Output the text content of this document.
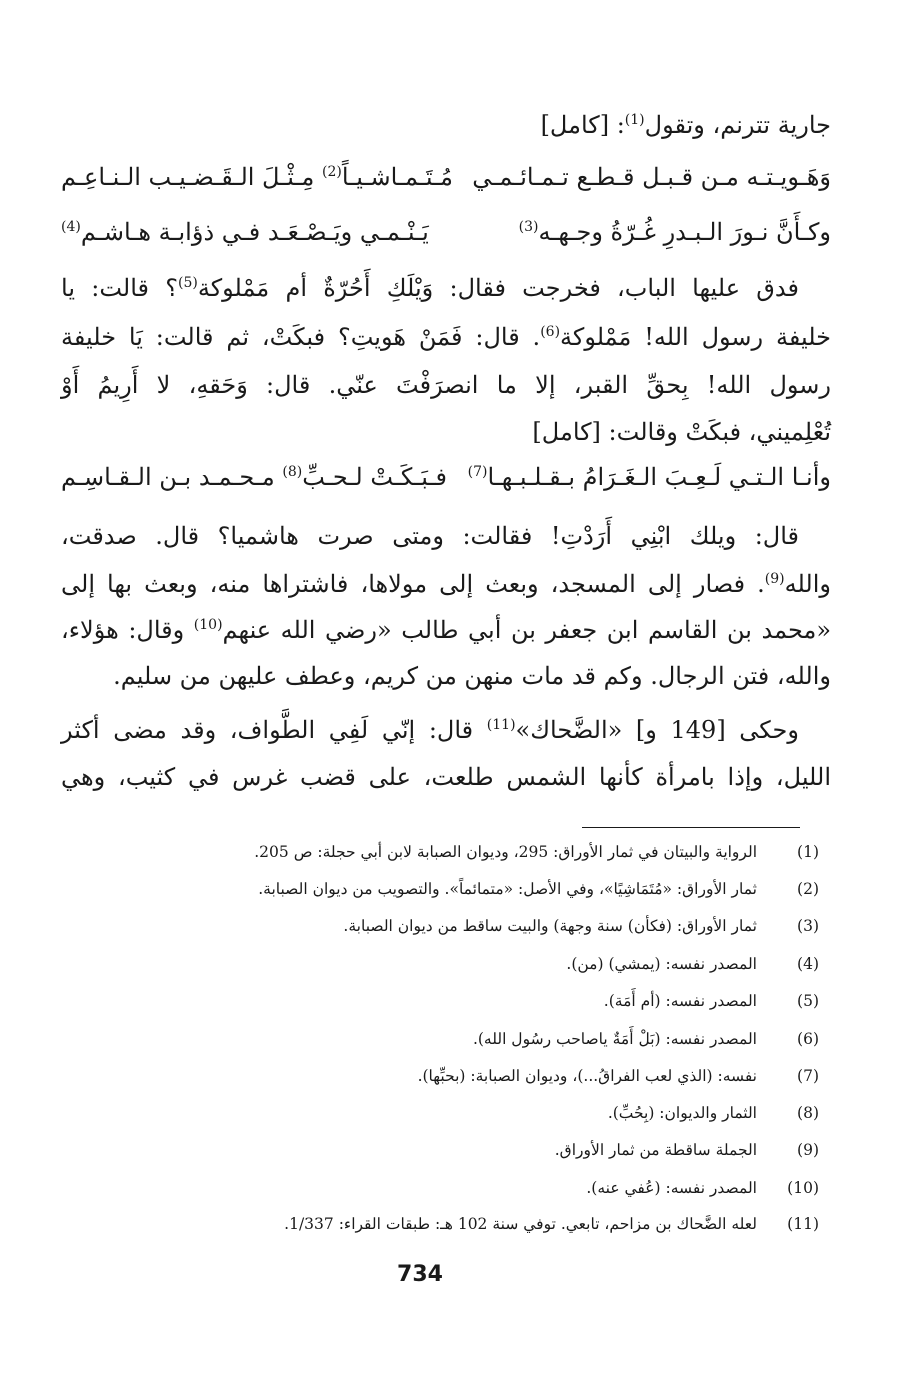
جارية تترنم، وتقول$^{(1)}$: [كامل]
وَهَـويـتـه مـن قـبـل قـطـع تـمـائـمـي
مُـتَـمـاشـيـاً$^{(2)}$ مِـثْـلَ الـقَـضـيـب الـنـاعِـم
وكـأَنَّ نـورَ الـبـدرِ غُـرّةُ وجـهـه$^{(3)}$
يَـنْـمـي ويَـصْـعَـد فـي ذؤابـة هـاشـم$^{(4)}$
فدق عليها الباب، فخرجت فقال: وَيْلَكِ أَحُرّةٌ أم مَمْلوكة$^{(5)}$؟ قالت: يا
خليفة رسول الله! مَمْلوكة$^{(6)}$. قال: فَمَنْ هَويتِ؟ فبكَتْ، ثم قالت: يَا خليفة
رسول الله! بِحقِّ القبر، إلا ما انصرَفْتَ عنّي. قال: وَحَقهِ، لا أَرِيمُ أَوْ
تُعْلِميني، فبكَتْ وقالت: [كامل]
وأنـا الـتـي لَـعِـبَ الـغَـرَامُ بـقـلـبـهـا$^{(7)}$
فـبَـكَـتْ لـحـبِّ$^{(8)}$ مـحـمـد بـن الـقـاسِـم
قال: ويلك ابْنِي أَرَدْتِ! فقالت: ومتى صرت هاشميا؟ قال. صدقت،
والله$^{(9)}$. فصار إلى المسجد، وبعث إلى مولاها، فاشتراها منه، وبعث بها إلى
«محمد بن القاسم ابن جعفر بن أبي طالب «رضي الله عنهم$^{(10)}$ وقال: هؤلاء،
والله، فتن الرجال. وكم قد مات منهن من كريم، وعطف عليهن من سليم.
وحكى [149 و] «الضَّحاك»$^{(11)}$ قال: إنّي لَفِي الطَّواف، وقد مضى أكثر
الليل، وإذا بامرأة كأنها الشمس طلعت، على قضب غرس في كثيب، وهي
(1)
الرواية والبيتان في ثمار الأوراق: 295، وديوان الصبابة لابن أبي حجلة: ص 205.
(2)
ثمار الأوراق: «مُتَمَاشِيًا»، وفي الأصل: «متمائماً». والتصويب من ديوان الصبابة.
(3)
ثمار الأوراق: (فكأن) سنة وجهة) والبيت ساقط من ديوان الصبابة.
(4)
المصدر نفسه: (يمشي) (من).
(5)
المصدر نفسه: (أم أَمَة).
(6)
المصدر نفسه: (بَلْ أَمَةٌ ياصاحب رسُول الله).
(7)
نفسه: (الذي لعب الفراقُ...)، وديوان الصبابة: (بحبِّها).
(8)
الثمار والديوان: (بِحُبِّ).
(9)
الجملة ساقطة من ثمار الأوراق.
(10)
المصدر نفسه: (عُفي عنه).
(11)
لعله الضَّحاك بن مزاحم، تابعي. توفي سنة 102 هـ: طبقات القراء: 1/337.
734
